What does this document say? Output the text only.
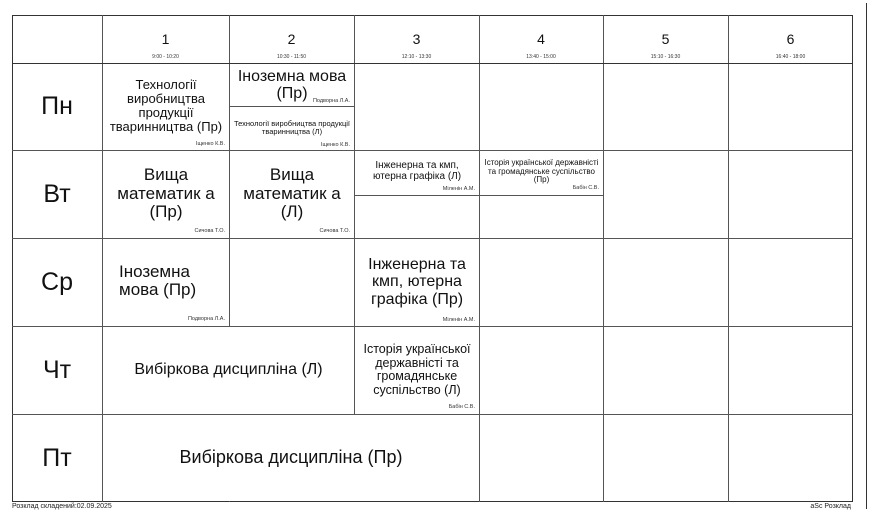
1
9:00 - 10:20
2
10:30 - 11:50
3
12:10 - 13:30
4
13:40 - 15:00
5
15:10 - 16:30
6
16:40 - 18:00
Пн
Вт
Ср
Чт
Пт
Технології виробництва продукції тваринництва (Пр)
Іщенко К.В.
Іноземна мова (Пр) Подворна Л.А.
Технології виробництва продукції тваринництва (Л)
Іщенко К.В.
Вища математик а (Пр)
Сичова Т.О.
Вища математик а (Л)
Сичова Т.О.
Інженерна та кмп, ютерна графіка (Л)
Міленін А.М.
Історія української державністі та громадянське суспільство (Пр)
Бабін С.В.
Іноземна мова (Пр)
Подворна Л.А.
Інженерна та кмп, ютерна графіка (Пр)
Міленін А.М.
Вибіркова дисципліна (Л)
Історія української державністі та громадянське суспільство (Л)
Бабін С.В.
Вибіркова дисципліна (Пр)
Розклад складений:02.09.2025	aSc Розклад
